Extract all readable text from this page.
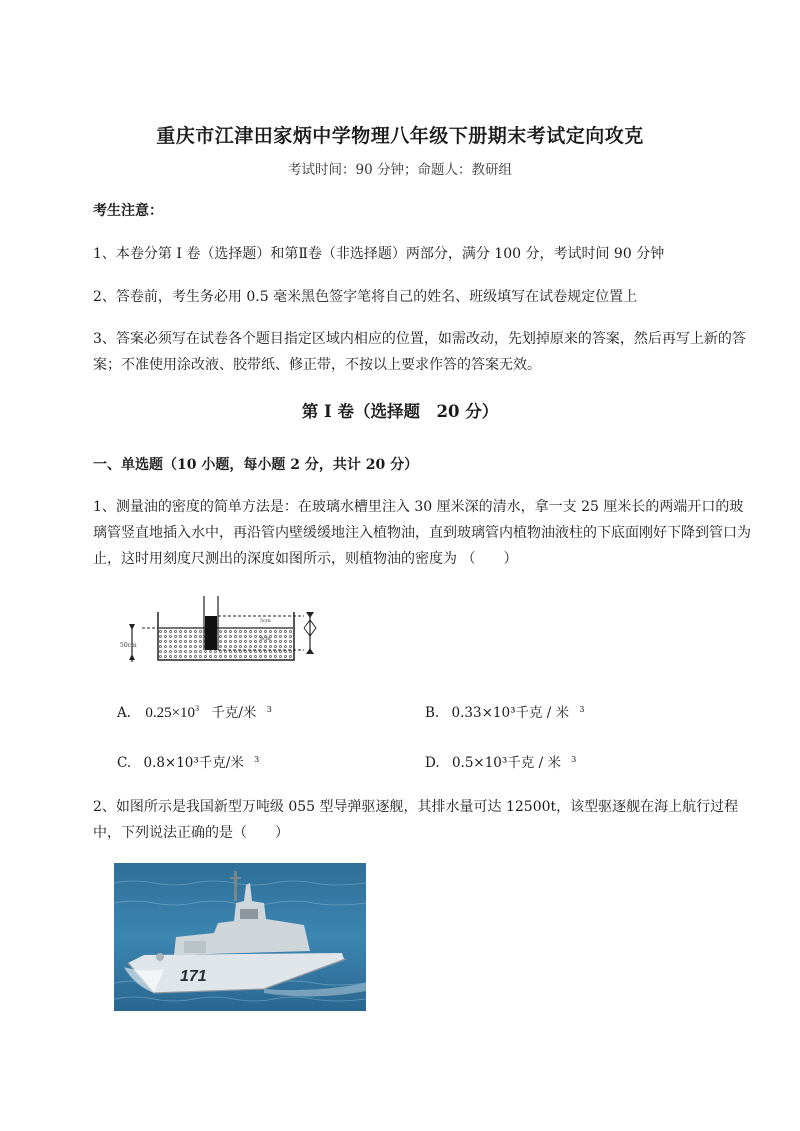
重庆市江津田家炳中学物理八年级下册期末考试定向攻克
考试时间：90 分钟；命题人：教研组
考生注意：
1、本卷分第 I 卷（选择题）和第Ⅱ卷（非选择题）两部分，满分 100 分，考试时间 90 分钟
2、答卷前，考生务必用 0.5 毫米黑色签字笔将自己的姓名、班级填写在试卷规定位置上
3、答案必须写在试卷各个题目指定区域内相应的位置，如需改动，先划掉原来的答案，然后再写上新的答案；不准使用涂改液、胶带纸、修正带，不按以上要求作答的答案无效。
第 I 卷（选择题　20 分）
一、单选题（10 小题，每小题 2 分，共计 20 分）
1、测量油的密度的简单方法是：在玻璃水槽里注入 30 厘米深的清水，拿一支 25 厘米长的两端开口的玻璃管竖直地插入水中，再沿管内壁缓缓地注入植物油，直到玻璃管内植物油液柱的下底面刚好下降到管口为止，这时用刻度尺测出的深度如图所示，则植物油的密度为 （　　）
50cm
5cm
8cm
A. $0.25\times 10^3$ 千克/米 $^3$	B. 0.33×10³千克 / 米 $^3$
C. 0.8×10³千克/米 $^3$	D. 0.5×10³千克 / 米 $^3$
2、如图所示是我国新型万吨级 055 型导弹驱逐舰，其排水量可达 12500t，该型驱逐舰在海上航行过程中，下列说法正确的是（　　）
171
